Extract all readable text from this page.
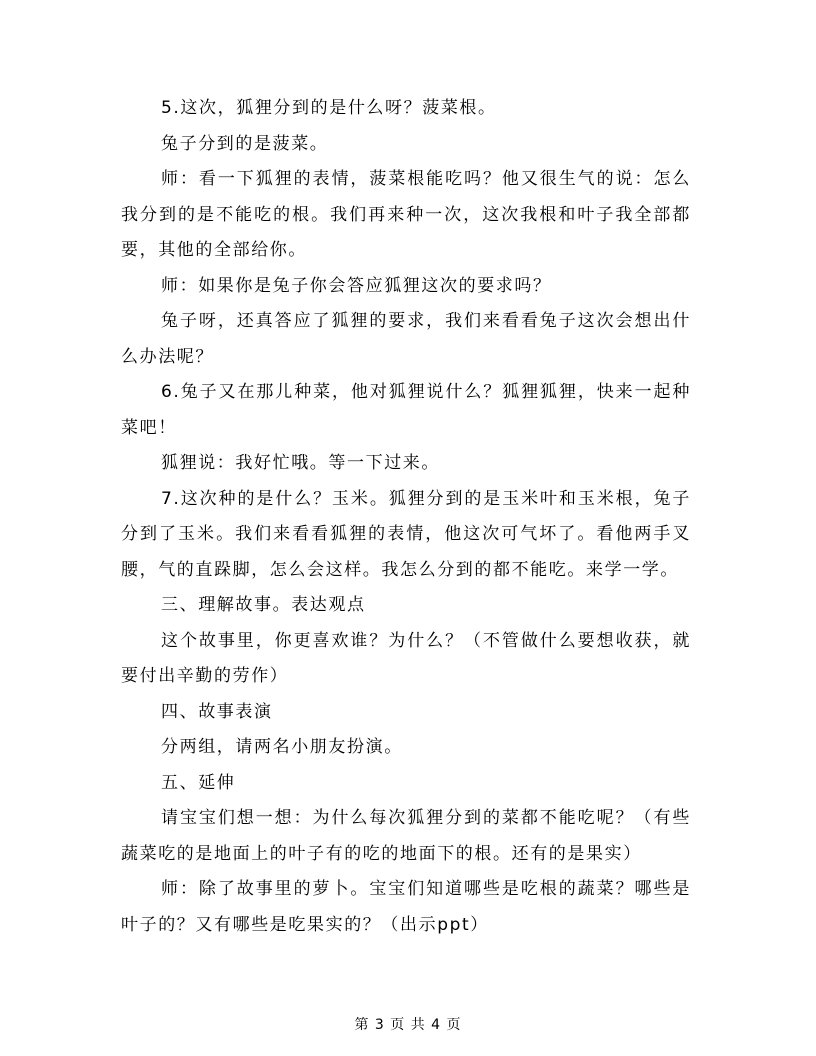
5.这次，狐狸分到的是什么呀？菠菜根。

兔子分到的是菠菜。

师：看一下狐狸的表情，菠菜根能吃吗？他又很生气的说：怎么我分到的是不能吃的根。我们再来种一次，这次我根和叶子我全部都要，其他的全部给你。

师：如果你是兔子你会答应狐狸这次的要求吗？

兔子呀，还真答应了狐狸的要求，我们来看看兔子这次会想出什么办法呢？

6.兔子又在那儿种菜，他对狐狸说什么？狐狸狐狸，快来一起种菜吧！

狐狸说：我好忙哦。等一下过来。

7.这次种的是什么？玉米。狐狸分到的是玉米叶和玉米根，兔子分到了玉米。我们来看看狐狸的表情，他这次可气坏了。看他两手叉腰，气的直跺脚，怎么会这样。我怎么分到的都不能吃。来学一学。

三、理解故事。表达观点

这个故事里，你更喜欢谁？为什么？（不管做什么要想收获，就要付出辛勤的劳作）

四、故事表演

分两组，请两名小朋友扮演。

五、延伸

请宝宝们想一想：为什么每次狐狸分到的菜都不能吃呢？（有些蔬菜吃的是地面上的叶子有的吃的地面下的根。还有的是果实）

师：除了故事里的萝卜。宝宝们知道哪些是吃根的蔬菜？哪些是叶子的？又有哪些是吃果实的？（出示ppt）

第 3 页 共 4 页
